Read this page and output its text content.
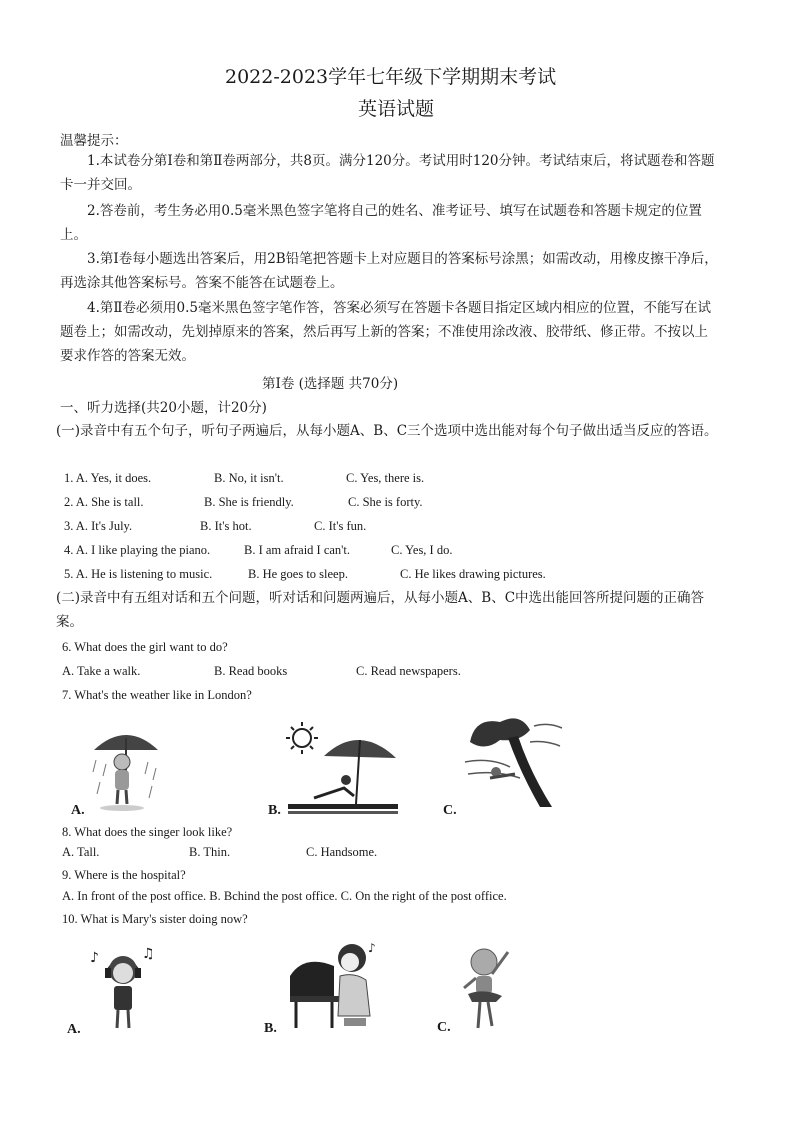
2022-2023学年七年级下学期期末考试
英语试题
温馨提示：
1.本试卷分第Ⅰ卷和第Ⅱ卷两部分，共8页。满分120分。考试用时120分钟。考试结束后，将试题卷和答题卡一并交回。
2.答卷前，考生务必用0.5毫米黑色签字笔将自己的姓名、准考证号、填写在试题卷和答题卡规定的位置上。
3.第Ⅰ卷每小题选出答案后，用2B铅笔把答题卡上对应题目的答案标号涂黑；如需改动，用橡皮擦干净后，再选涂其他答案标号。答案不能答在试题卷上。
4.第Ⅱ卷必须用0.5毫米黑色签字笔作答，答案必须写在答题卡各题目指定区域内相应的位置，不能写在试题卷上；如需改动，先划掉原来的答案，然后再写上新的答案；不准使用涂改液、胶带纸、修正带。不按以上要求作答的答案无效。
第Ⅰ卷 (选择题 共70分)
一、听力选择(共20小题，计20分)
(一)录音中有五个句子，听句子两遍后，从每小题A、B、C三个选项中选出能对每个句子做出适当反应的答语。
1. A. Yes, it does.	B. No, it isn't.	C. Yes, there is.
2. A. She is tall.	B. She is friendly.	C. She is forty.
3. A. It's July.	B. It's hot.	C. It's fun.
4. A. I like playing the piano.	B. I am afraid I can't.	C. Yes, I do.
5. A. He is listening to music.	B. He goes to sleep.	C. He likes drawing pictures.
(二)录音中有五组对话和五个问题，听对话和问题两遍后，从每小题A、B、C中选出能回答所提问题的正确答案。
6. What does the girl want to do?
A. Take a walk.	B. Read books	C. Read newspapers.
7. What's the weather like in London?
A.	B.	C.
8. What does the singer look like?
A. Tall.	B. Thin.	C. Handsome.
9. Where is the hospital?
A. In front of the post office. B. Bchind the post office. C. On the right of the post office.
10. What is Mary's sister doing now?
♪	♫
A.
♪
B.	C.
